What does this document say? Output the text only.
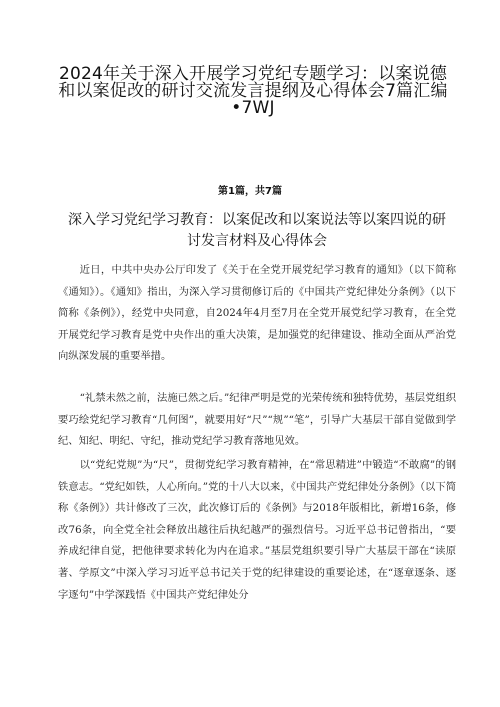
2024年关于深入开展学习党纪专题学习：以案说德和以案促改的研讨交流发言提纲及心得体会7篇汇编
•7WJ
第1篇，共7篇
深入学习党纪学习教育：以案促改和以案说法等以案四说的研讨发言材料及心得体会

近日，中共中央办公厅印发了《关于在全党开展党纪学习教育的通知》（以下简称《通知》）。《通知》指出，为深入学习贯彻修订后的《中国共产党纪律处分条例》（以下简称《条例》），经党中央同意，自2024年4月至7月在全党开展党纪学习教育，在全党开展党纪学习教育是党中央作出的重大决策，是加强党的纪律建设、推动全面从严治党向纵深发展的重要举措。

“礼禁未然之前，法施已然之后。”纪律严明是党的光荣传统和独特优势，基层党组织要巧绘党纪学习教育“几何图”，就要用好“尺”“规”“笔”，引导广大基层干部自觉做到学纪、知纪、明纪、守纪，推动党纪学习教育落地见效。

以“党纪党规”为“尺”，贯彻党纪学习教育精神，在“常思精进”中锻造“不敢腐”的钢铁意志。“党纪如铁，人心所向。”党的十八大以来，《中国共产党纪律处分条例》（以下简称《条例》）共计修改了三次，此次修订后的《条例》与2018年版相比，新增16条，修改76条，向全党全社会释放出越往后执纪越严的强烈信号。习近平总书记曾指出，“要养成纪律自觉，把他律要求转化为内在追求。”基层党组织要引导广大基层干部在“读原著、学原文”中深入学习习近平总书记关于党的纪律建设的重要论述，在“逐章逐条、逐字逐句”中学深践悟《中国共产党纪律处分
